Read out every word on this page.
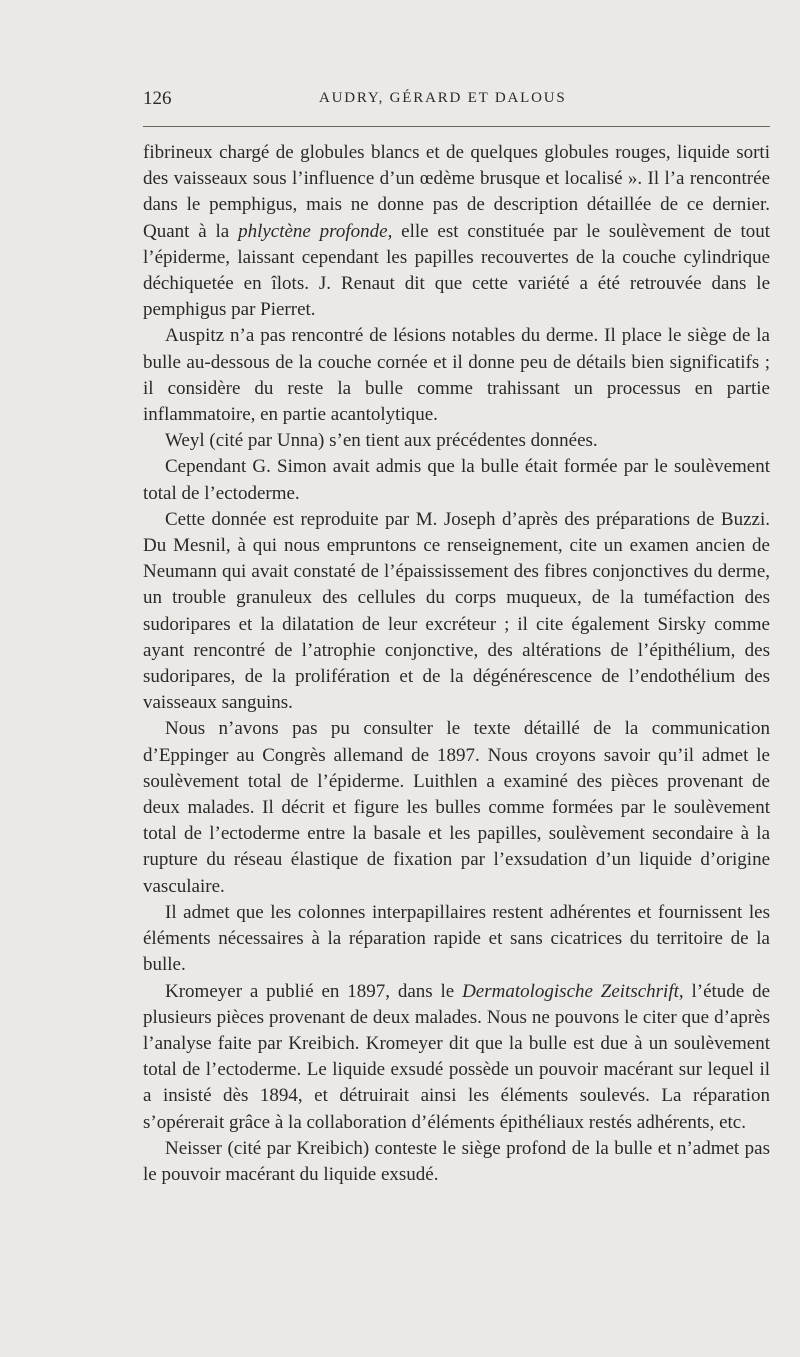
126	AUDRY, GÉRARD ET DALOUS

fibrineux chargé de globules blancs et de quelques globules rouges, liquide sorti des vaisseaux sous l’influence d’un œdème brusque et localisé ». Il l’a rencontrée dans le pemphigus, mais ne donne pas de description détaillée de ce dernier. Quant à la phlyctène profonde, elle est constituée par le soulèvement de tout l’épiderme, laissant cependant les papilles recouvertes de la couche cylindrique déchiquetée en îlots. J. Renaut dit que cette variété a été retrouvée dans le pemphigus par Pierret.

Auspitz n’a pas rencontré de lésions notables du derme. Il place le siège de la bulle au-dessous de la couche cornée et il donne peu de détails bien significatifs ; il considère du reste la bulle comme trahissant un processus en partie inflammatoire, en partie acantolytique.

Weyl (cité par Unna) s’en tient aux précédentes données.

Cependant G. Simon avait admis que la bulle était formée par le soulèvement total de l’ectoderme.

Cette donnée est reproduite par M. Joseph d’après des préparations de Buzzi. Du Mesnil, à qui nous empruntons ce renseignement, cite un examen ancien de Neumann qui avait constaté de l’épaississement des fibres conjonctives du derme, un trouble granuleux des cellules du corps muqueux, de la tuméfaction des sudoripares et la dilatation de leur excréteur ; il cite également Sirsky comme ayant rencontré de l’atrophie conjonctive, des altérations de l’épithélium, des sudoripares, de la prolifération et de la dégénérescence de l’endothélium des vaisseaux sanguins.

Nous n’avons pas pu consulter le texte détaillé de la communication d’Eppinger au Congrès allemand de 1897. Nous croyons savoir qu’il admet le soulèvement total de l’épiderme. Luithlen a examiné des pièces provenant de deux malades. Il décrit et figure les bulles comme formées par le soulèvement total de l’ectoderme entre la basale et les papilles, soulèvement secondaire à la rupture du réseau élastique de fixation par l’exsudation d’un liquide d’origine vasculaire.

Il admet que les colonnes interpapillaires restent adhérentes et fournissent les éléments nécessaires à la réparation rapide et sans cicatrices du territoire de la bulle.

Kromeyer a publié en 1897, dans le Dermatologische Zeitschrift, l’étude de plusieurs pièces provenant de deux malades. Nous ne pouvons le citer que d’après l’analyse faite par Kreibich. Kromeyer dit que la bulle est due à un soulèvement total de l’ectoderme. Le liquide exsudé possède un pouvoir macérant sur lequel il a insisté dès 1894, et détruirait ainsi les éléments soulevés. La réparation s’opérerait grâce à la collaboration d’éléments épithéliaux restés adhérents, etc.

Neisser (cité par Kreibich) conteste le siège profond de la bulle et n’admet pas le pouvoir macérant du liquide exsudé.
